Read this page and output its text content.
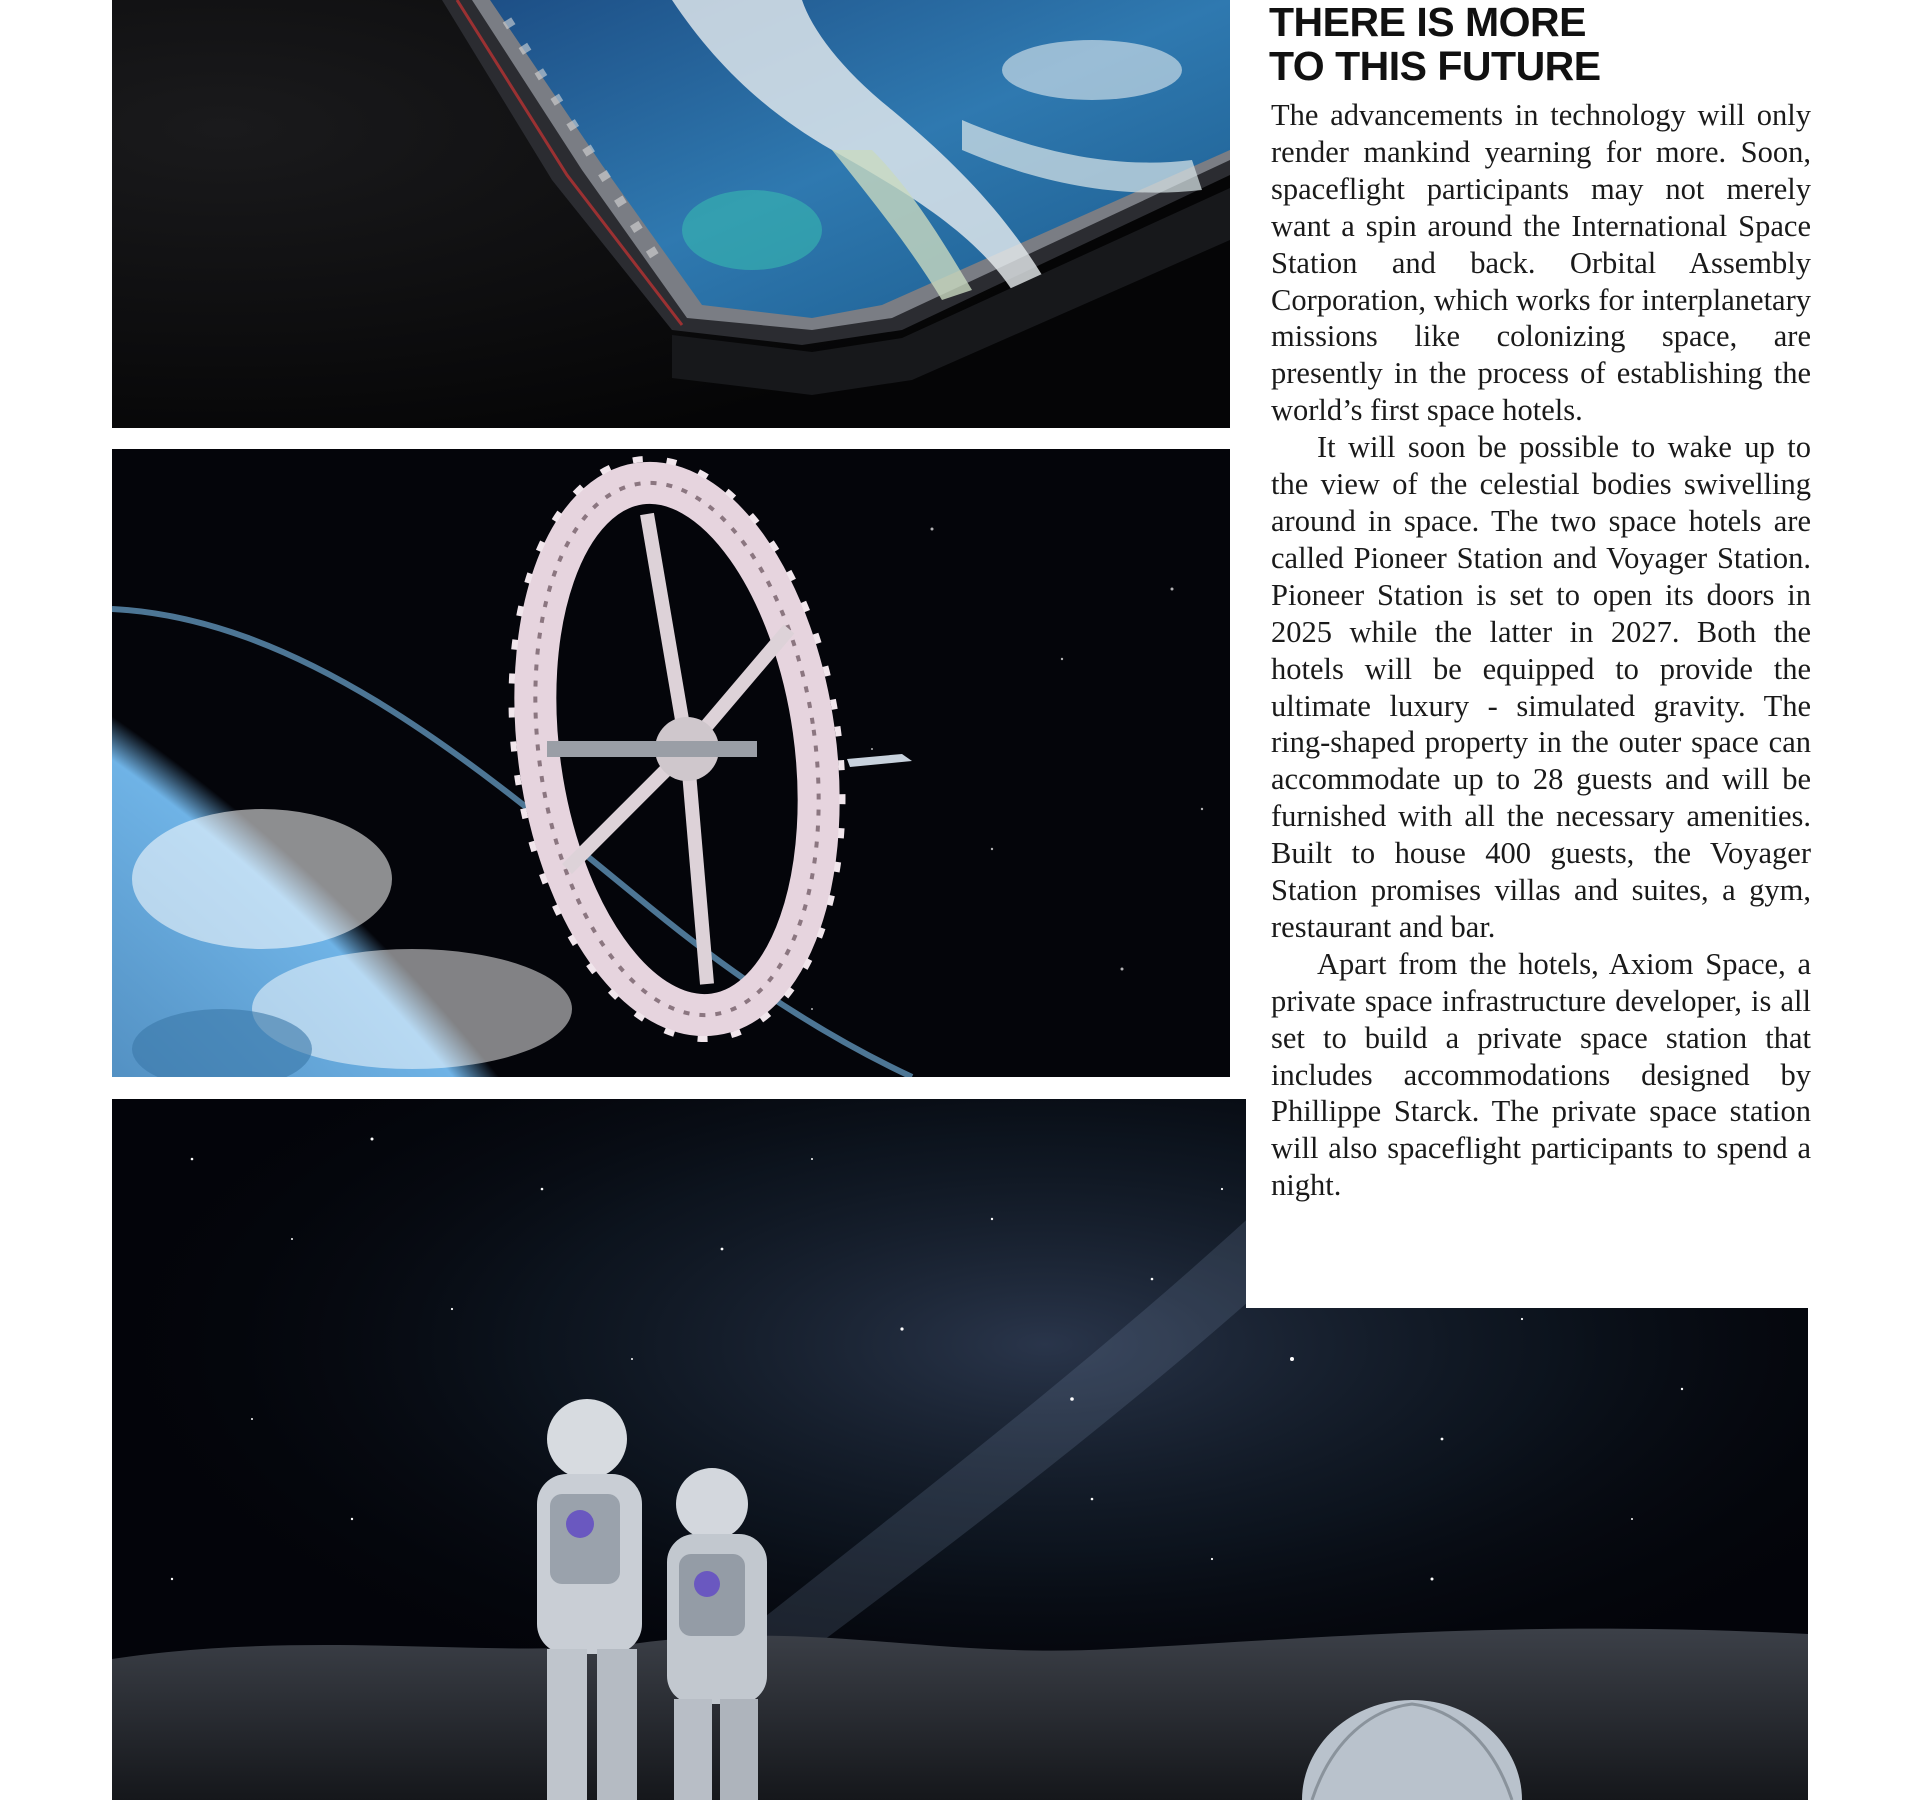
THERE IS MORE
TO THIS FUTURE

The advancements in technology will only render mankind yearning for more. Soon, spaceflight participants may not merely want a spin around the International Space Station and back. Orbital Assembly Corporation, which works for interplanetary missions like colonizing space, are presently in the process of establishing the world’s first space hotels.

It will soon be possible to wake up to the view of the celestial bodies swivelling around in space. The two space hotels are called Pioneer Station and Voyager Station. Pioneer Station is set to open its doors in 2025 while the latter in 2027. Both the hotels will be equipped to provide the ultimate luxury - simulated gravity. The ring-shaped property in the outer space can accommodate up to 28 guests and will be furnished with all the necessary amenities. Built to house 400 guests, the Voyager Station promises villas and suites, a gym, restaurant and bar.

Apart from the hotels, Axiom Space, a private space infrastructure developer, is all set to build a private space station that includes accommodations designed by Phillippe Starck. The private space station will also spaceflight participants to spend a night.
